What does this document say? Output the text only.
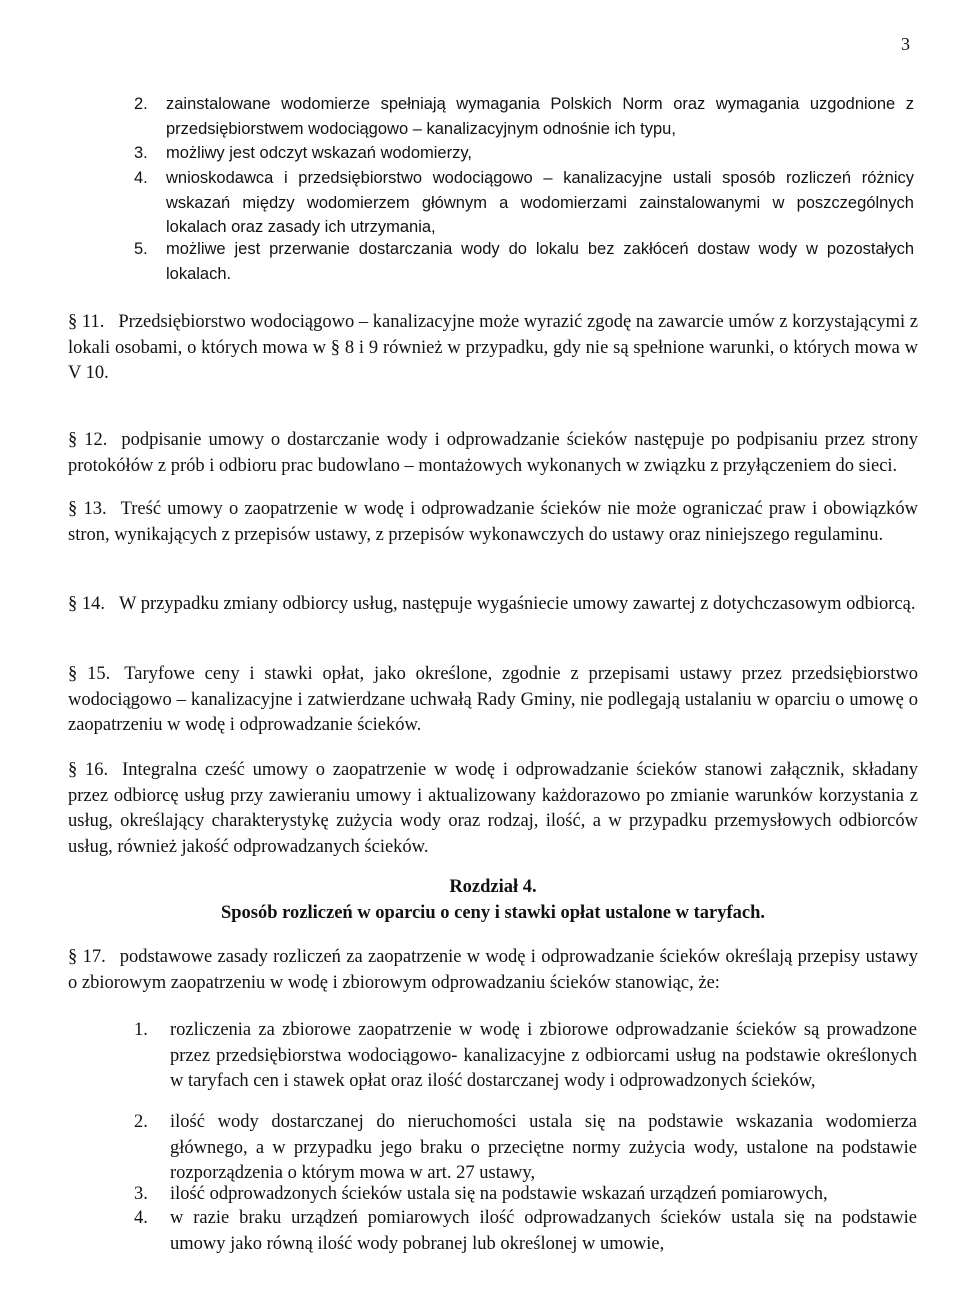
3
2.	zainstalowane wodomierze spełniają wymagania Polskich Norm oraz wymagania uzgodnione z przedsiębiorstwem wodociągowo – kanalizacyjnym odnośnie ich typu,
3.	możliwy jest odczyt wskazań wodomierzy,
4.	wnioskodawca i przedsiębiorstwo wodociągowo – kanalizacyjne ustali sposób rozliczeń różnicy wskazań między wodomierzem głównym a wodomierzami zainstalowanymi w poszczególnych lokalach oraz zasady ich utrzymania,
5.	możliwe jest przerwanie dostarczania wody do lokalu bez zakłóceń dostaw wody w pozostałych lokalach.
§ 11. Przedsiębiorstwo wodociągowo – kanalizacyjne może wyrazić zgodę na zawarcie umów z korzystającymi z lokali osobami, o których mowa w § 8 i 9 również w przypadku, gdy nie są spełnione warunki, o których mowa w V 10.
§ 12. podpisanie umowy o dostarczanie wody i odprowadzanie ścieków następuje po podpisaniu przez strony protokółów z prób i odbioru prac budowlano – montażowych wykonanych w związku z przyłączeniem do sieci.
§ 13. Treść umowy o zaopatrzenie w wodę i odprowadzanie ścieków nie może ograniczać praw i obowiązków stron, wynikających z przepisów ustawy, z przepisów wykonawczych do ustawy oraz niniejszego regulaminu.
§ 14. W przypadku zmiany odbiorcy usług, następuje wygaśniecie umowy zawartej z dotychczasowym odbiorcą.
§ 15. Taryfowe ceny i stawki opłat, jako określone, zgodnie z przepisami ustawy przez przedsiębiorstwo wodociągowo – kanalizacyjne i zatwierdzane uchwałą Rady Gminy, nie podlegają ustalaniu w oparciu o umowę o zaopatrzeniu w wodę i odprowadzanie ścieków.
§ 16. Integralna cześć umowy o zaopatrzenie w wodę i odprowadzanie ścieków stanowi załącznik, składany przez odbiorcę usług przy zawieraniu umowy i aktualizowany każdorazowo po zmianie warunków korzystania z usług, określający charakterystykę zużycia wody oraz rodzaj, ilość, a w przypadku przemysłowych odbiorców usług, również jakość odprowadzanych ścieków.
Rozdział 4.
Sposób rozliczeń w oparciu o ceny i stawki opłat ustalone w taryfach.
§ 17. podstawowe zasady rozliczeń za zaopatrzenie w wodę i odprowadzanie ścieków określają przepisy ustawy o zbiorowym zaopatrzeniu w wodę i zbiorowym odprowadzaniu ścieków stanowiąc, że:
1.	rozliczenia za zbiorowe zaopatrzenie w wodę i zbiorowe odprowadzanie ścieków są prowadzone przez przedsiębiorstwa wodociągowo- kanalizacyjne z odbiorcami usług na podstawie określonych w taryfach cen i stawek opłat oraz ilość dostarczanej wody i odprowadzonych ścieków,
2.	ilość wody dostarczanej do nieruchomości ustala się na podstawie wskazania wodomierza głównego, a w przypadku jego braku o przeciętne normy zużycia wody, ustalone na podstawie rozporządzenia o którym mowa w art. 27 ustawy,
3.	ilość odprowadzonych ścieków ustala się na podstawie wskazań urządzeń pomiarowych,
4.	w razie braku urządzeń pomiarowych ilość odprowadzanych ścieków ustala się na podstawie umowy jako równą ilość wody pobranej lub określonej w umowie,
